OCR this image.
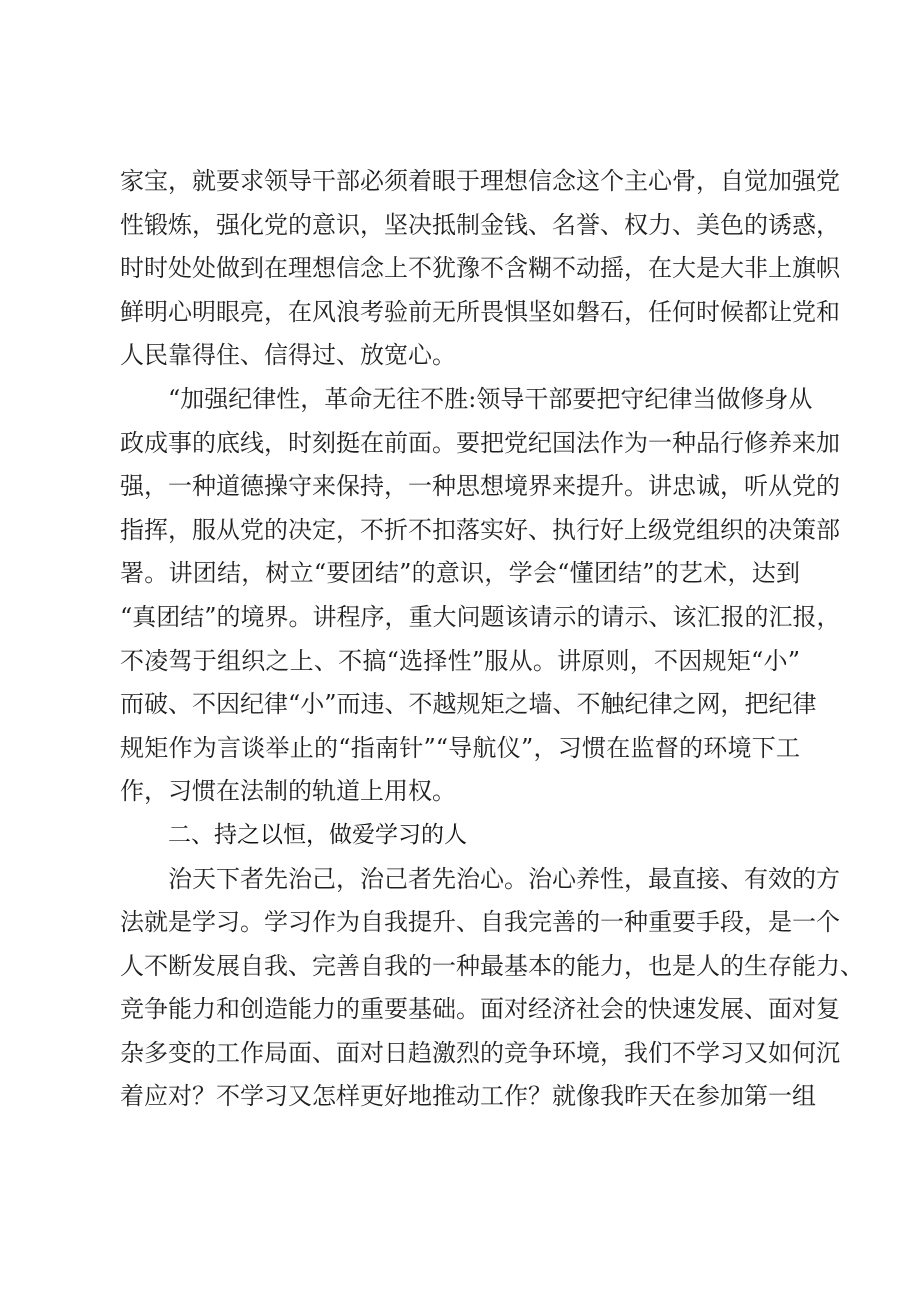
家宝，就要求领导干部必须着眼于理想信念这个主心骨，自觉加强党
性锻炼，强化党的意识，坚决抵制金钱、名誉、权力、美色的诱惑，
时时处处做到在理想信念上不犹豫不含糊不动摇，在大是大非上旗帜
鲜明心明眼亮，在风浪考验前无所畏惧坚如磐石，任何时候都让党和
人民靠得住、信得过、放宽心。
“加强纪律性，革命无往不胜:领导干部要把守纪律当做修身从
政成事的底线，时刻挺在前面。要把党纪国法作为一种品行修养来加
强，一种道德操守来保持，一种思想境界来提升。讲忠诚，听从党的
指挥，服从党的决定，不折不扣落实好、执行好上级党组织的决策部
署。讲团结，树立“要团结”的意识，学会“懂团结”的艺术，达到
“真团结”的境界。讲程序，重大问题该请示的请示、该汇报的汇报，
不凌驾于组织之上、不搞“选择性”服从。讲原则，不因规矩“小”
而破、不因纪律“小”而违、不越规矩之墙、不触纪律之网，把纪律
规矩作为言谈举止的“指南针”“导航仪”，习惯在监督的环境下工
作，习惯在法制的轨道上用权。
二、持之以恒，做爱学习的人
治天下者先治己，治己者先治心。治心养性，最直接、有效的方
法就是学习。学习作为自我提升、自我完善的一种重要手段，是一个
人不断发展自我、完善自我的一种最基本的能力，也是人的生存能力、
竞争能力和创造能力的重要基础。面对经济社会的快速发展、面对复
杂多变的工作局面、面对日趋激烈的竞争环境，我们不学习又如何沉
着应对？不学习又怎样更好地推动工作？就像我昨天在参加第一组
